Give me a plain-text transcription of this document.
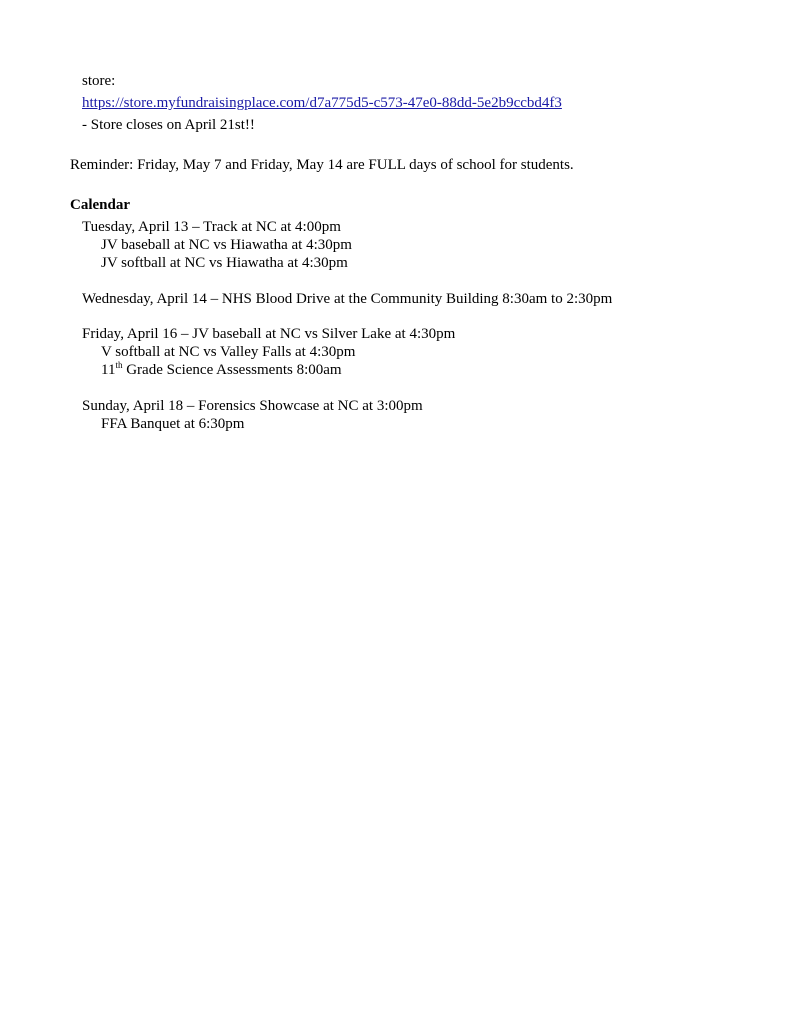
store:
https://store.myfundraisingplace.com/d7a775d5-c573-47e0-88dd-5e2b9ccbd4f3
- Store closes on April 21st!!
Reminder: Friday, May 7 and Friday, May 14 are FULL days of school for students.
Calendar
Tuesday, April 13 – Track at NC at 4:00pm
JV baseball at NC vs Hiawatha at 4:30pm
JV softball at NC vs Hiawatha at 4:30pm
Wednesday, April 14 – NHS Blood Drive at the Community Building 8:30am to 2:30pm
Friday, April 16 – JV baseball at NC vs Silver Lake at 4:30pm
V softball at NC vs Valley Falls at 4:30pm
11th Grade Science Assessments 8:00am
Sunday, April 18 – Forensics Showcase at NC at 3:00pm
FFA Banquet at 6:30pm
